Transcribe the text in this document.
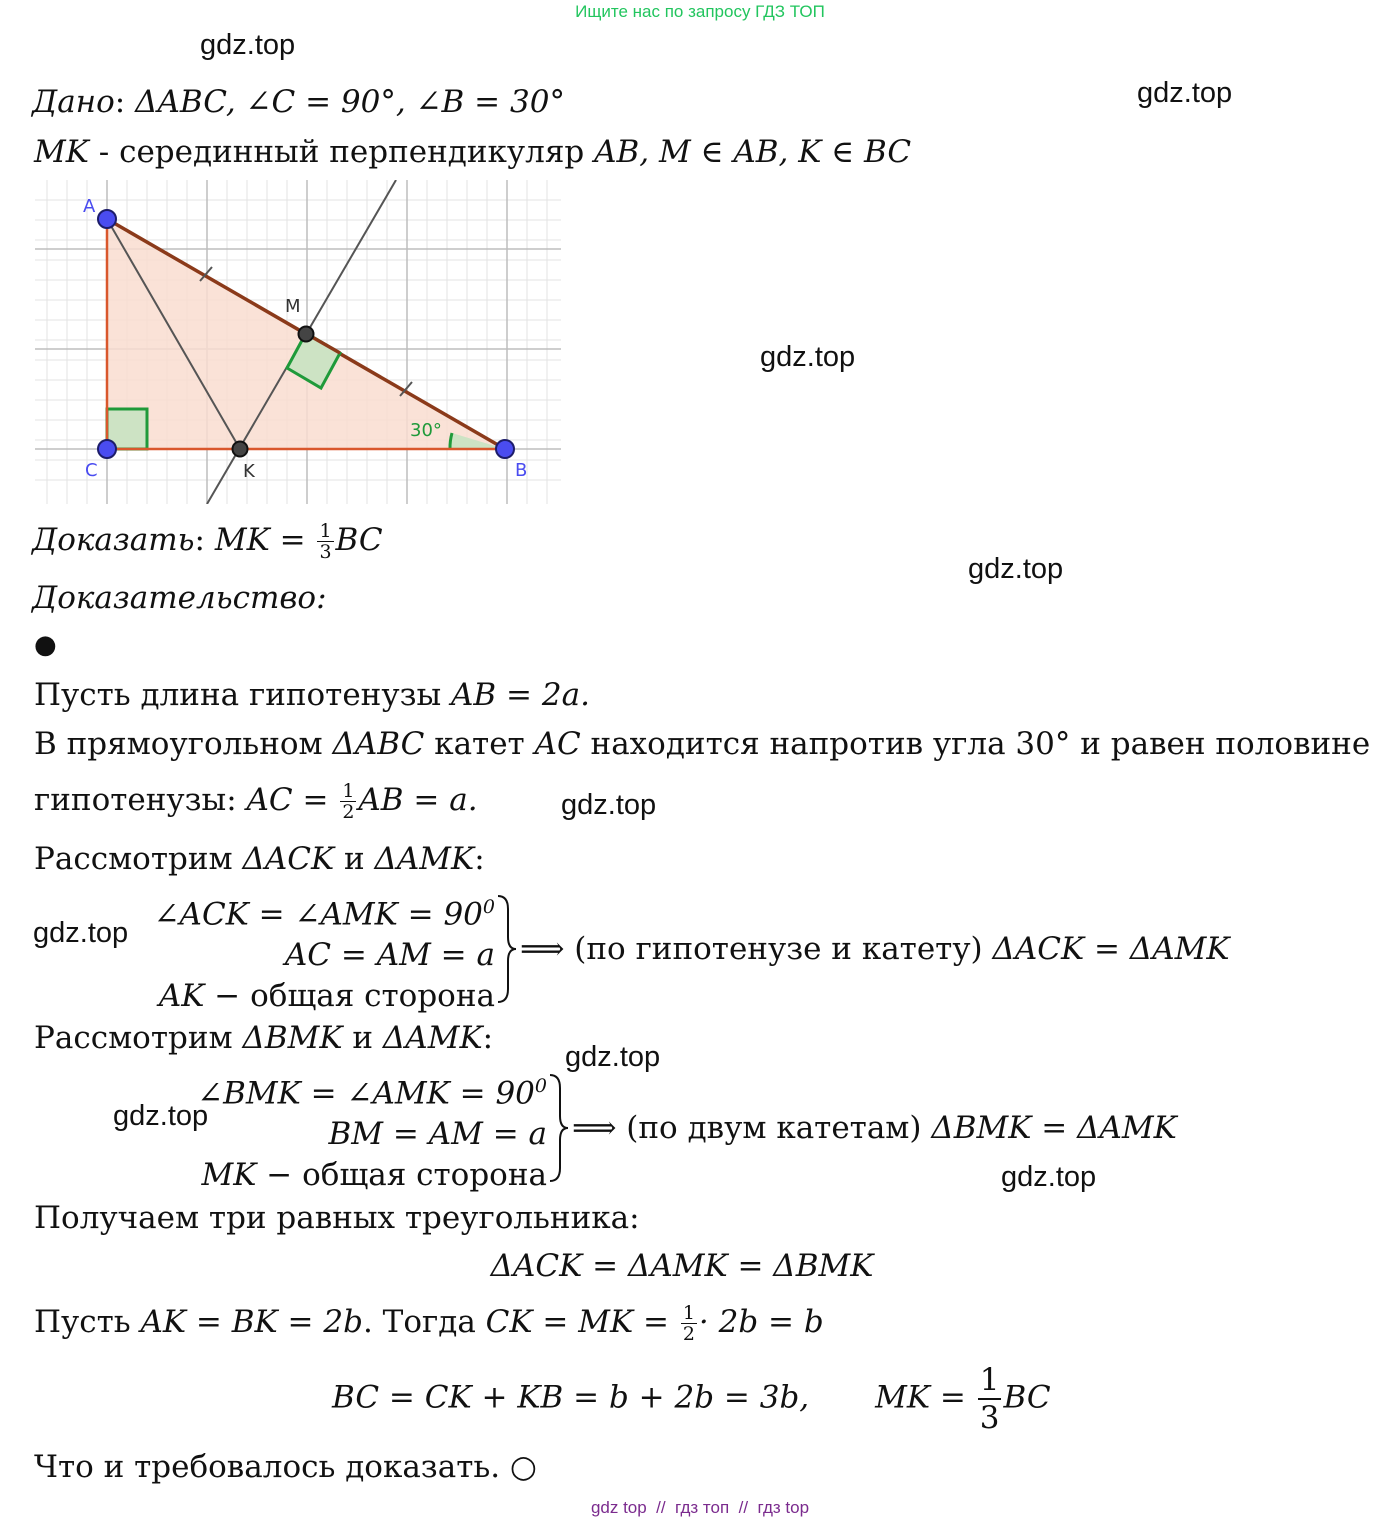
Ищите нас по запросу ГДЗ ТОП
gdz.top
gdz.top
gdz.top
gdz.top
gdz.top
gdz.top
gdz.top
gdz.top
gdz.top
Дано: ΔABC, ∠C = 90°, ∠B = 30°
MK - серединный перпендикуляр AB, M ∈ AB, K ∈ BC
A
B
C
M
K
30°
Доказать: MK = $\frac{1}{3}$ BC
Доказательство:
●
Пусть длина гипотенузы AB = 2a.
В прямоугольном ΔABC катет AC находится напротив угла 30° и равен половине
гипотенузы: AC = $\frac{1}{2}$ AB = a.
Рассмотрим ΔACK и ΔAMK:
∠ACK = ∠AMK = $90^0$
AC = AM = a
AK − общая сторона
⟹ (по гипотенузе и катету) ΔACK = ΔAMK
Рассмотрим ΔBMK и ΔAMK:
∠BMK = ∠AMK = $90^0$
BM = AM = a
MK − общая сторона
⟹ (по двум катетам) ΔBMK = ΔAMK
Получаем три равных треугольника:
ΔACK = ΔAMK = ΔBMK
Пусть AK = BK = 2b. Тогда CK = MK = $\frac{1}{2} \cdot 2b = b$
BC = CK + KB = b + 2b = 3b, MK = $\frac{1}{3}$ BC
Что и требовалось доказать. ○
gdz top  //  гдз топ  //  гдз top
